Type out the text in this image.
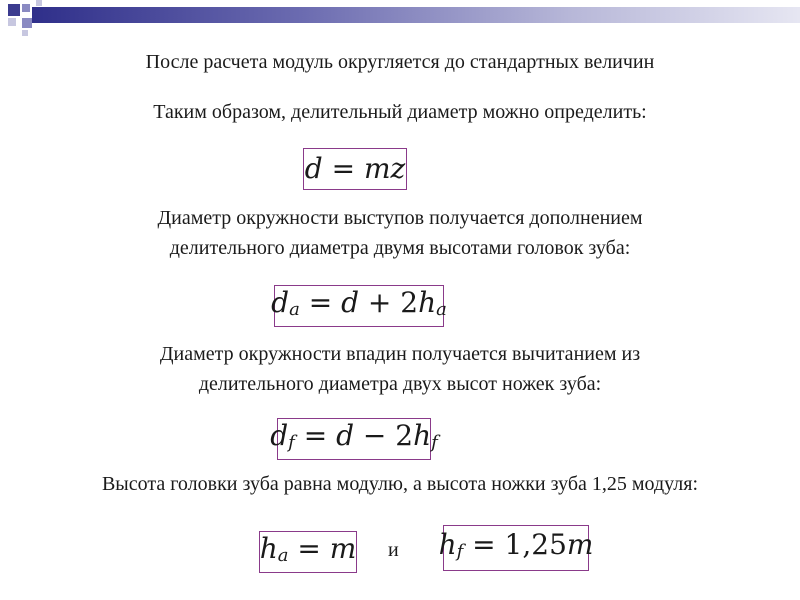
После расчета модуль округляется до стандартных величин
Таким образом, делительный диаметр можно определить:
d = mz
Диаметр окружности выступов получается дополнением
делительного диаметра двумя высотами головок зуба:
$d_a = d + 2h_a$
Диаметр окружности впадин получается вычитанием из
делительного диаметра двух высот ножек зуба:
$d_f = d - 2h_f$
Высота головки зуба равна модулю, а высота ножки зуба 1,25 модуля:
$h_a = m$ и $h_f = 1,25m$
